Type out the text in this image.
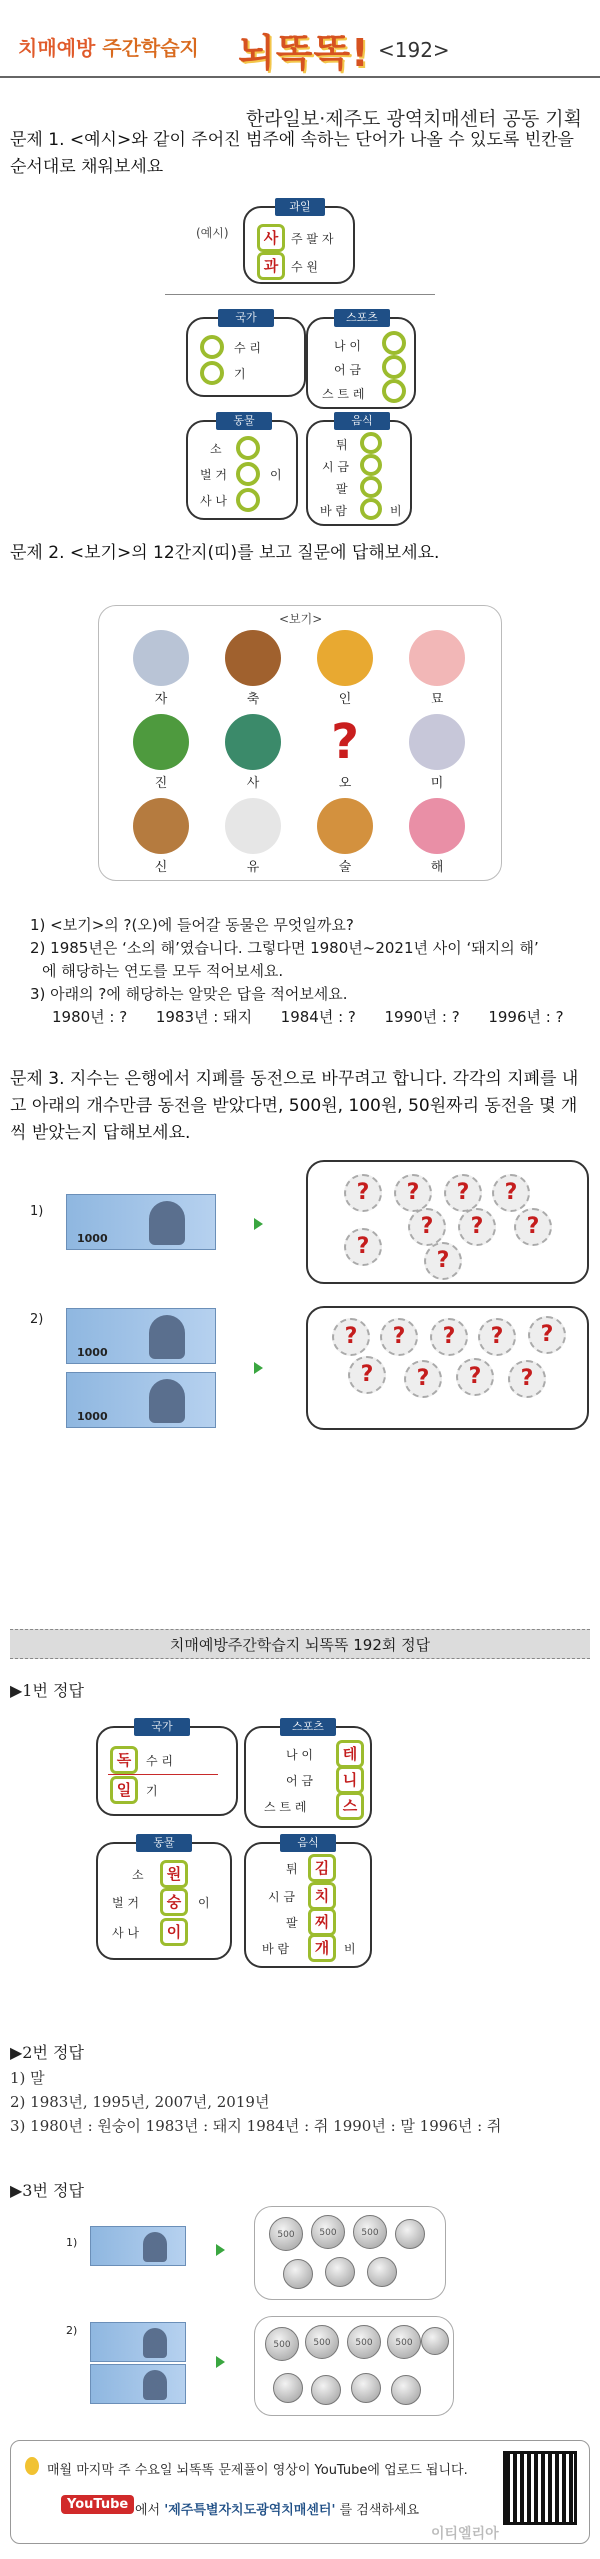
치매예방 주간학습지 뇌똑똑! <192>
한라일보·제주도 광역치매센터 공동 기획
문제 1. <예시>와 같이 주어진 범주에 속하는 단어가 나올 수 있도록 빈칸을 순서대로 채워보세요
(예시)
과일
사
과
주 팔 자
수 원
국가
수 리
기
스포츠
나 이
어 금
스 트 레
동물
소
벌 거
사 나
이
음식
튀
시 금
팔
바 람	비
문제 2. <보기>의 12간지(띠)를 보고 질문에 답해보세요.
<보기>
자	축	인	묘
진	사
?
오	미
신	유	술	해
1) <보기>의 ?(오)에 들어갈 동물은 무엇일까요?
2) 1985년은 ‘소의 해’였습니다. 그렇다면 1980년~2021년 사이 ‘돼지의 해’
에 해당하는 연도를 모두 적어보세요.
3) 아래의 ?에 해당하는 알맞은 답을 적어보세요.
1980년 : ?      1983년 : 돼지      1984년 : ?      1990년 : ?      1996년 : ?
문제 3. 지수는 은행에서 지폐를 동전으로 바꾸려고 합니다. 각각의 지폐를 내고 아래의 개수만큼 동전을 받았다면, 500원, 100원, 50원짜리 동전을 몇 개씩 받았는지 답해보세요.
1)
1000
?	?	?	?
?	?	?
?
?
2)
1000
1000
?	?	?	?	?
?	?	?	?
치매예방주간학습지 뇌똑똑 192회 정답
▶1번 정답
국가
독
일
수 리
기
스포츠
나 이
어 금
스 트 레
테
니
스
동물
소
벌 거
사 나
원
숭
이
이
음식
튀
시 금
팔
바 람
김
치
찌
개	비
▶2번 정답
1) 말
2) 1983년, 1995년, 2007년, 2019년
3) 1980년 : 원숭이 1983년 : 돼지 1984년 : 쥐 1990년 : 말 1996년 : 쥐
▶3번 정답
1)
500	500	500
2)
500	500	500	500
매월 마지막 주 수요일 뇌똑똑 문제풀이 영상이 YouTube에 업로드 됩니다.
YouTube 에서 '제주특별자치도광역치매센터' 를 검색하세요
이티엘리아
